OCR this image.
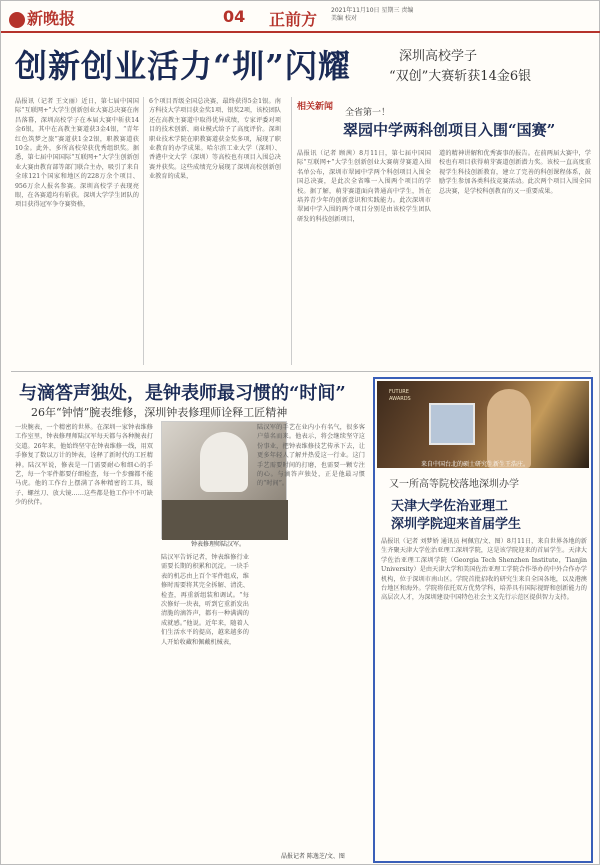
新晚报	04 正前方 2021年11月10日 星期三 责编 美编 校对
创新创业活力“圳”闪耀	深圳高校学子
“双创”大赛斩获14金6银
晶报讯（记者 王文丽）近日，第七届中国国际“互联网+”大学生创新创业大赛总决赛在南昌落幕，深圳高校学子在本届大赛中斩获14金6银，其中在高教主赛道获3金4银，“青年红色筑梦之旅”赛道获1金2银，职教赛道获10金。此外，多所高校荣获优秀组织奖。据悉，第七届中国国际“互联网+”大学生创新创业大赛由教育部等部门联合主办，吸引了来自全球121个国家和地区的228万余个项目、956万余人报名参赛。深圳高校学子表现亮眼，在各赛道均有斩获。深圳大学学生团队的项目获得冠军争夺赛资格，
6个项目晋级全国总决赛，最终获得5金1银。南方科技大学项目获金奖1项、银奖2项，该校团队还在高教主赛道中取得优异成绩，专家评委对项目的技术创新、商业模式给予了高度评价。深圳职业技术学院在职教赛道获金奖多项，展现了职业教育的办学成果。哈尔滨工业大学（深圳）、香港中文大学（深圳）等高校也有项目入围总决赛并获奖。这些成绩充分展现了深圳高校创新创业教育的成果，
相关新闻
全省第一！
翠园中学两科创项目入围“国赛”
晶报讯（记者 顾茜）8月11日，第七届中国国际“互联网+”大学生创新创业大赛萌芽赛道入围名单公布，深圳市翠园中学两个科创项目入围全国总决赛，是此次全省唯一入围两个项目的学校。据了解，萌芽赛道面向普通高中学生，旨在培养青少年的创新意识和实践能力。此次深圳市翠园中学入围的两个项目分别是由该校学生团队研发的科技创新项目，
道的精神讲解和优秀赛事的报告。在前两届大赛中，学校也有项目获得萌芽赛道创新潜力奖。该校一直高度重视学生科技创新教育，建立了完善的科创课程体系，鼓励学生参加各类科技竞赛活动。此次两个项目入围全国总决赛，是学校科创教育的又一重要成果。
与滴答声独处，是钟表师最习惯的“时间”
26年“钟情”腕表维修，深圳钟表修理师诠释工匠精神
一块腕表，一个精密的世界。在深圳一家钟表维修工作室里，钟表修理师陆汉军每天都与各种腕表打交道。26年来，他始终坚守在钟表维修一线，用双手修复了数以万计的钟表，诠释了新时代的工匠精神。陆汉军说，修表是一门需要耐心和细心的手艺，每一个零件都要仔细检查，每一个步骤都不能马虎。他的工作台上摆满了各种精密的工具，镊子、螺丝刀、放大镜……这些都是他工作中不可缺少的伙伴。
钟表修理师陆汉军。
陆汉军告诉记者，钟表维修行业需要长期的积累和沉淀。一块手表的机芯由上百个零件组成，维修时需要将其完全拆解、清洗、检查，再重新组装和调试。“每次修好一块表，听到它重新发出清脆的滴答声，都有一种满满的成就感。”他说。近年来，随着人们生活水平的提高，越来越多的人开始收藏和佩戴机械表，
陆汉军的手艺在业内小有名气，很多客户慕名而来。他表示，将会继续坚守这份事业，把钟表维修技艺传承下去，让更多年轻人了解并热爱这一行业。这门手艺需要时间的打磨，也需要一颗专注的心。与滴答声独处，正是他最习惯的“时间”。
晶报记者 陈逸芝/文、图
FUTURE AWARDS
来自中国台北的硕士研究生新生王浩庄。
又一所高等院校落地深圳办学
天津大学佐治亚理工
深圳学院迎来首届学生
晶报讯（记者 刘梦娇 通讯员 柯佩宜/文、图）8月11日，来自世界各地的新生齐聚天津大学佐治亚理工深圳学院，这是该学院迎来的首届学生。天津大学佐治亚理工深圳学院（Georgia Tech Shenzhen Institute，Tianjin University）是由天津大学和美国佐治亚理工学院合作举办的中外合作办学机构，位于深圳市南山区。学院首批招收的研究生来自全国各地，以及港澳台地区和海外。学院将依托双方优势学科，培养具有国际视野和创新能力的高层次人才，为深圳建设中国特色社会主义先行示范区提供智力支持。
